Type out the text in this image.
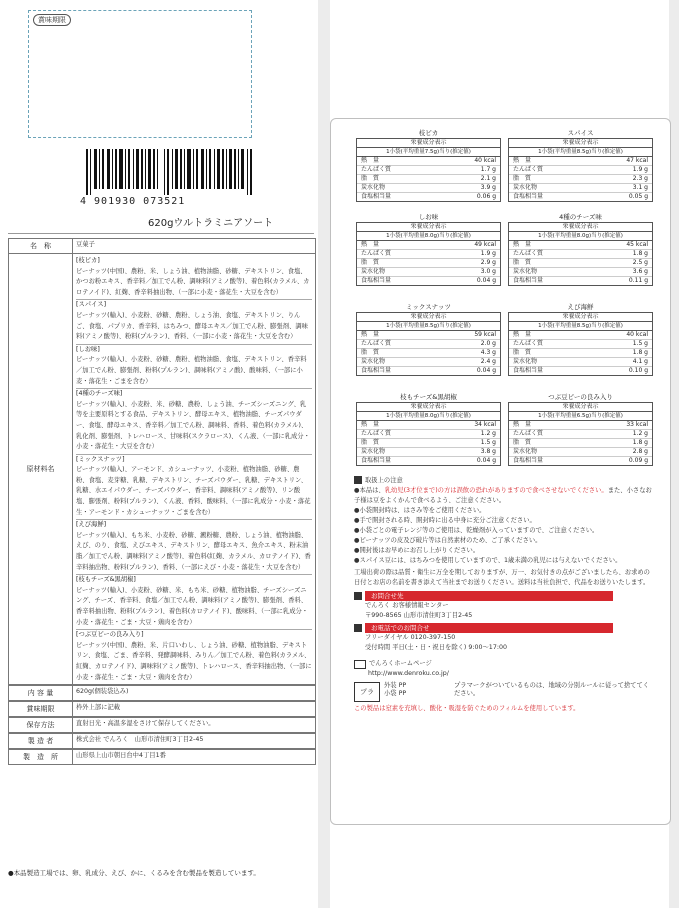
賞味期限
4 901930 073521
620gウルトラミニアソート
名　称	豆菓子
原材料名
[枝ピカ]
ピーナッツ(中国)、農粉、米、しょう油、植物油脂、砂糖、デキストリン、食塩、かつお粉エキス、香辛料／加工でん粉、調味料(アミノ酸等)、着色料(カラメル、カロテノイド)、紅麹、香辛料抽出物、（一部に小麦・落花生・大豆を含む）
[スパイス]
ピーナッツ(輸入)、小麦粉、砂糖、農粉、しょう油、食塩、デキストリン、りんご、食塩、パプリカ、香辛料、はちみつ、酵母エキス／加工でん粉、膨張剤、調味料(アミノ酸等)、粉料(プルラン)、香料、（一部に小麦・落花生・大豆を含む）
[しお味]
ピーナッツ(輸入)、小麦粉、砂糖、農粉、植物油脂、食塩、デキストリン、香辛料／加工でん粉、膨張剤、粉料(プルラン)、調味料(アミノ酸)、酸味料、（一部に小麦・落花生・ごまを含む）
[4種のチーズ味]
ピーナッツ(輸入)、小麦粉、米、砂糖、農粉、しょう油、チーズシーズニング、乳等を主要原料とする食品、デキストリン、酵母エキス、植物油脂、チーズパウダー、食塩、酵母エキス、香辛料／加工でん粉、調味料、香料、着色料(カラメル)、乳化剤、膨張剤、トレハロース、甘味料(スクラロース)、くん液、（一部に乳成分・小麦・落花生・大豆を含む）
[ミックスナッツ]
ピーナッツ(輸入)、アーモンド、カシューナッツ、小麦粉、植物油脂、砂糖、農粉、食塩、麦芽糖、乳糖、デキストリン、チーズパウダー、乳糖、デキストリン、乳糖、水エイパウダー、チーズパウダー、香辛料、調味料(アミノ酸等)、リン酸塩、膨張剤、粉料(プルラン)、くん液、香料、酸味料、（一部に乳成分・小麦・落花生・アーモンド・カシューナッツ・ごまを含む）
[えび海鮮]
ピーナッツ(輸入)、もち米、小麦粉、砂糖、澱粉糖、農粉、しょう油、植物油脂、えび、のり、食塩、えびエキス、デキストリン、酵母エキス、魚介エキス、粉末油脂／加工でん粉、調味料(アミノ酸等)、着色料(紅麹、カラメル、カロテノイド)、香辛料抽出物、粉料(プルラン)、香料、（一部にえび・小麦・落花生・大豆を含む）
[枝もチーズ&黒胡椒]
ピーナッツ(輸入)、小麦粉、砂糖、米、もち米、砂糖、植物油脂、チーズシーズニング、チーズ、香辛料、食塩／加工でん粉、調味料(アミノ酸等)、膨張剤、香料、香辛料抽出物、粉料(プルラン)、着色料(カロテノイド)、酸味料、（一部に乳成分・小麦・落花生・ごま・大豆・鶏肉を含む）
[つぶ豆ピーの良み入り]
ピーナッツ(中国)、農粉、米、片口いわし、しょう油、砂糖、植物油脂、デキストリン、食塩、ごま、香辛料、発酵調味料、みりん／加工でん粉、着色料(カラメル、紅麹、カロテノイド)、調味料(アミノ酸等)、トレハロース、香辛料抽出物、（一部に小麦・落花生・ごま・大豆・鶏肉を含む）
内 容 量	620g(個装袋込み)
賞味期限	枠外上部に記載
保存方法	直射日光・高温多湿をさけて保存してください。
製 造 者	株式会社 でんろく　山形市清住町3丁目2-45
製　造　所	山形県上山市朝日台中4丁目1番
●本品製造工場では、卵、乳成分、えび、かに、くるみを含む製品を製造しています。
枝ピカ
栄養成分表示
1小袋(平均重量7.5g)当り(推定値)
熱　量	40 kcal
たんぱく質	1.7 g
脂　質	2.1 g
炭水化物	3.9 g
食塩相当量	0.06 g
スパイス
栄養成分表示
1小袋(平均重量8.5g)当り(推定値)
熱　量	47 kcal
たんぱく質	1.9 g
脂　質	2.3 g
炭水化物	3.1 g
食塩相当量	0.05 g
しお味
栄養成分表示
1小袋(平均重量8.0g)当り(推定値)
熱　量	49 kcal
たんぱく質	1.9 g
脂　質	2.9 g
炭水化物	3.0 g
食塩相当量	0.04 g
4種のチーズ味
栄養成分表示
1小袋(平均重量8.0g)当り(推定値)
熱　量	45 kcal
たんぱく質	1.8 g
脂　質	2.5 g
炭水化物	3.6 g
食塩相当量	0.11 g
ミックスナッツ
栄養成分表示
1小袋(平均重量8.5g)当り(推定値)
熱　量	59 kcal
たんぱく質	2.0 g
脂　質	4.3 g
炭水化物	2.4 g
食塩相当量	0.04 g
えび海鮮
栄養成分表示
1小袋(平均重量8.5g)当り(推定値)
熱　量	40 kcal
たんぱく質	1.5 g
脂　質	1.8 g
炭水化物	4.1 g
食塩相当量	0.10 g
枝もチーズ&黒胡椒
栄養成分表示
1小袋(平均重量8.0g)当り(推定値)
熱　量	34 kcal
たんぱく質	1.2 g
脂　質	1.5 g
炭水化物	3.8 g
食塩相当量	0.04 g
つぶ豆ピーの良み入り
栄養成分表示
1小袋(平均重量6.5g)当り(推定値)
熱　量	33 kcal
たんぱく質	1.2 g
脂　質	1.8 g
炭水化物	2.8 g
食塩相当量	0.09 g
取扱上の注意
●本品は、乳幼児(3才位まで)の方は誤飲の恐れがありますので食べさせないでください。また、小さなお子様は豆をよくかんで食べるよう、ご注意ください。
●小袋開封時は、はさみ等をご使用ください。
●手で開封される時、開封時に出る中身に充分ご注意ください。
●小袋ごとの電子レンジ等のご使用は、乾燥剤が入っていますので、ご注意ください。
●ピーナッツの皮及び破片等は自然素材のため、ご了承ください。
●開封後はお早めにお召し上がりください。
●スパイス豆には、はちみつを使用していますので、1歳未満の乳児には与えないでください。
工場出荷の際は品質・衛生に万全を期しておりますが、万一、お気付きの点がございましたら、お求めの日付とお店の名前を書き添えて当社までお送りください。送料は当社負担で、代品をお送りいたします。
お問合せ先
でんろく お客様情報センター
〒990-8565 山形市清住町3丁目2-45
お電話でのお問合せ
フリーダイヤル 0120-397-150
受付時間 平日(土・日・祝日を除く) 9:00〜17:00
でんろくホームページ
http://www.denroku.co.jp/
プラ
外装 PP
小袋 PP
プラマークがついているものは、地域の分別ルールに従って捨ててください。
この製品は窒素を充填し、酸化・吸湿を防ぐためのフィルムを使用しています。
